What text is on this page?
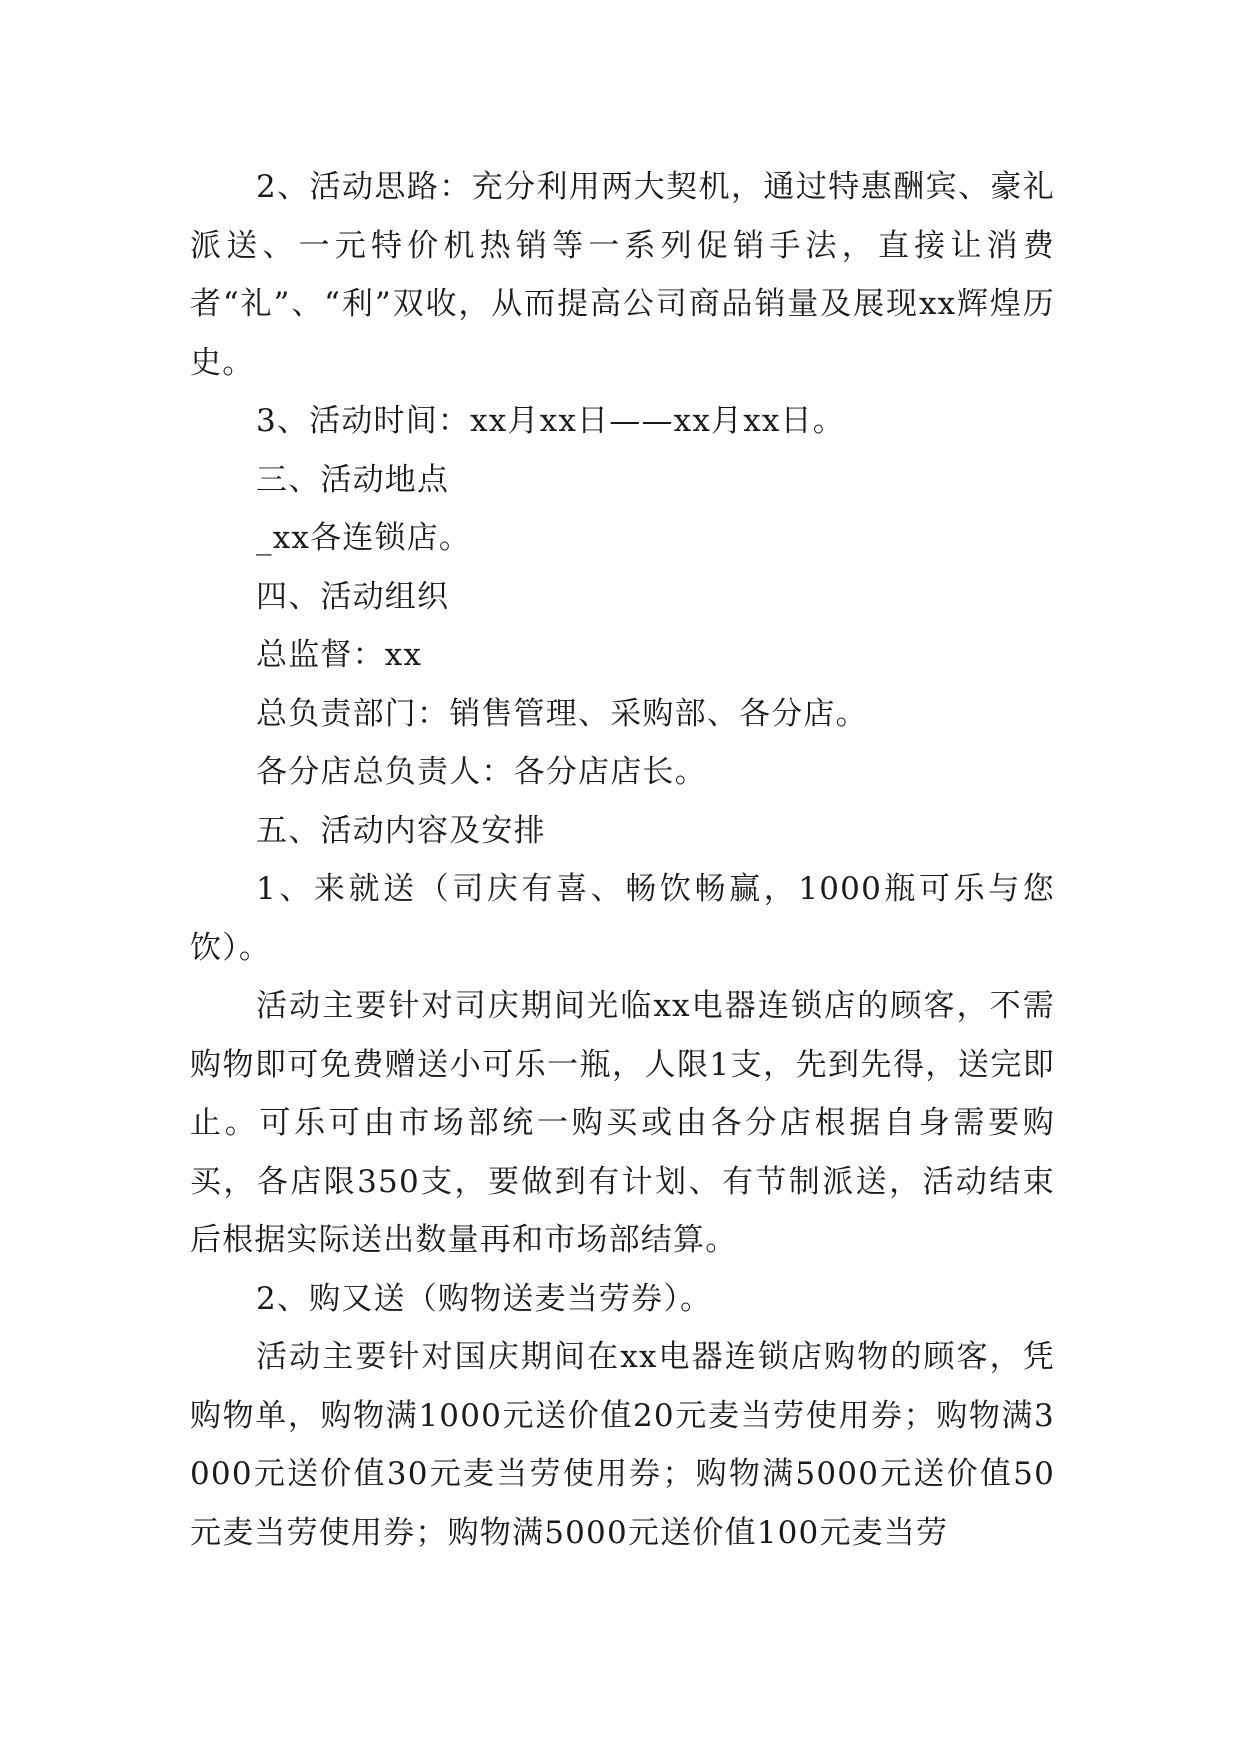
2、活动思路：充分利用两大契机，通过特惠酬宾、豪礼派送、一元特价机热销等一系列促销手法，直接让消费者“礼”、“利”双收，从而提高公司商品销量及展现xx辉煌历史。

3、活动时间：xx月xx日——xx月xx日。

三、活动地点

_xx各连锁店。

四、活动组织

总监督：xx

总负责部门：销售管理、采购部、各分店。

各分店总负责人：各分店店长。

五、活动内容及安排

1、来就送（司庆有喜、畅饮畅赢，1000瓶可乐与您饮）。

活动主要针对司庆期间光临xx电器连锁店的顾客，不需购物即可免费赠送小可乐一瓶，人限1支，先到先得，送完即止。可乐可由市场部统一购买或由各分店根据自身需要购买，各店限350支，要做到有计划、有节制派送，活动结束后根据实际送出数量再和市场部结算。

2、购又送（购物送麦当劳券）。

活动主要针对国庆期间在xx电器连锁店购物的顾客，凭购物单，购物满1000元送价值20元麦当劳使用券；购物满3000元送价值30元麦当劳使用券；购物满5000元送价值50元麦当劳使用券；购物满5000元送价值100元麦当劳
